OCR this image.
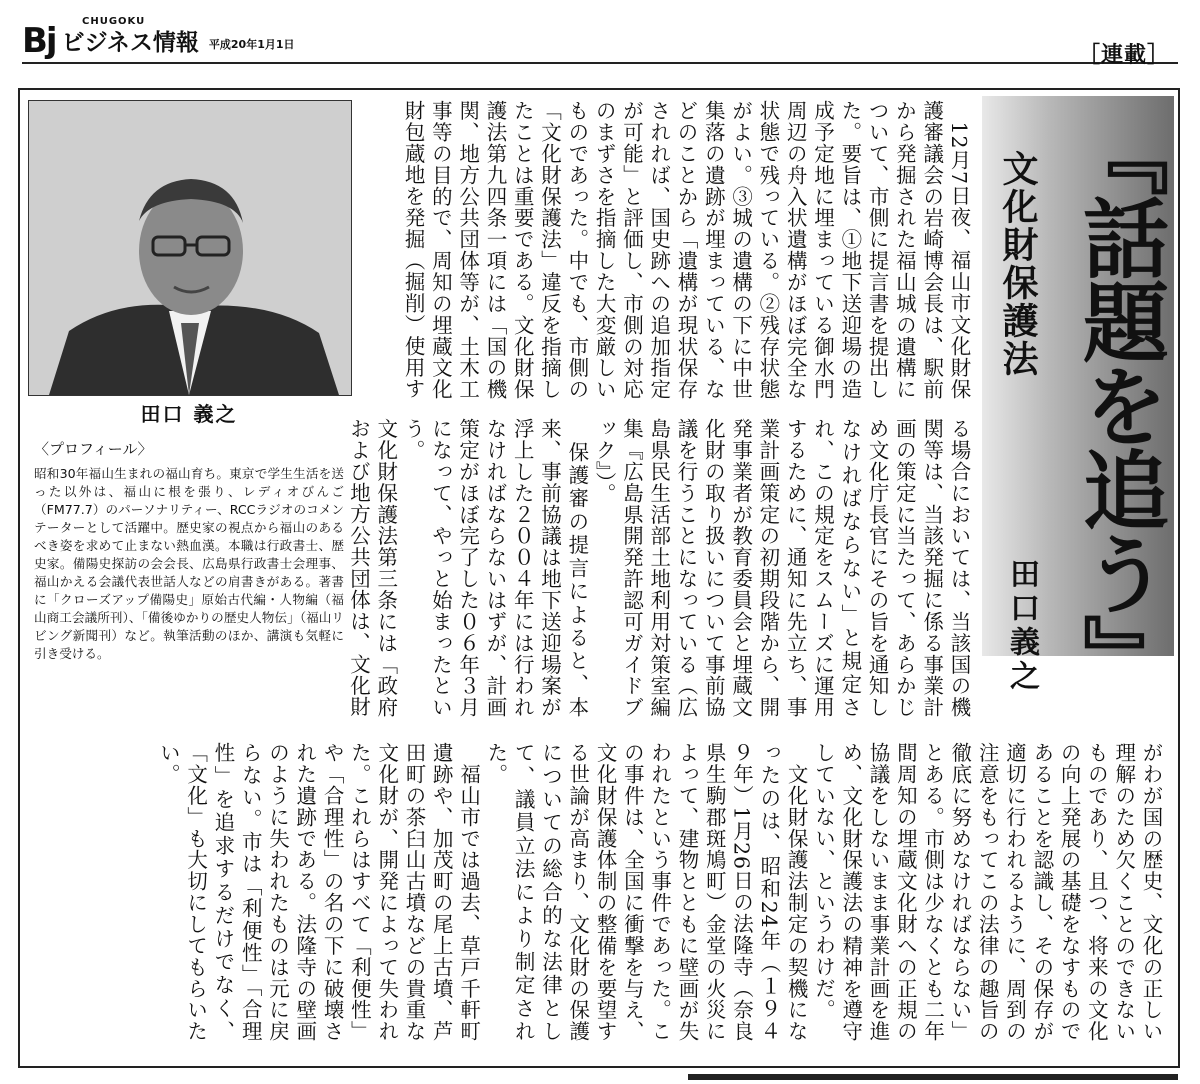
Bj	CHUGOKU
ビジネス情報 平成20年1月1日	［連載］
田口 義之
〈プロフィール〉
昭和30年福山生まれの福山育ち。東京で学生生活を送った以外は、福山に根を張り、レディオびんご（FM77.7）のパーソナリティー、RCCラジオのコメンテーターとして活躍中。歴史家の視点から福山のあるべき姿を求めて止まない熱血漢。本職は行政書士、歴史家。備陽史探訪の会会長、広島県行政書士会理事、福山かえる会議代表世話人などの肩書きがある。著書に「クローズアップ備陽史」原始古代編・人物編（福山商工会議所刊）、「備後ゆかりの歴史人物伝」（福山リビング新聞刊）など。執筆活動のほか、講演も気軽に引き受ける。	『話題を追う』
文化財保護法
田口義之
　12月7日夜、福山市文化財保護審議会の岩崎博会長は、駅前から発掘された福山城の遺構について、市側に提言書を提出した。要旨は、①地下送迎場の造成予定地に埋まっている御水門周辺の舟入状遺構がほぼ完全な状態で残っている。②残存状態がよい。③城の遺構の下に中世集落の遺跡が埋まっている、などのことから「遺構が現状保存されれば、国史跡への追加指定が可能」と評価し、市側の対応のまずさを指摘した大変厳しいものであった。中でも、市側の「文化財保護法」違反を指摘したことは重要である。文化財保護法第九四条一項には「国の機関、地方公共団体等が、土木工事等の目的で、周知の埋蔵文化財包蔵地を発掘（掘削）使用す
る場合においては、当該国の機関等は、当該発掘に係る事業計画の策定に当たって、あらかじめ文化庁長官にその旨を通知しなければならない」と規定され、この規定をスムーズに運用するために、通知に先立ち、事業計画策定の初期段階から、開発事業者が教育委員会と埋蔵文化財の取り扱いについて事前協議を行うことになっている（広島県民生活部土地利用対策室編集『広島県開発許認可ガイドブック』）。
　保護審の提言によると、本来、事前協議は地下送迎場案が浮上した２００４年には行われなければならないはずが、計画策定がほぼ完了した０６年３月になって、やっと始まったという。
文化財保護法第三条には「政府および地方公共団体は、文化財
がわが国の歴史、文化の正しい理解のため欠くことのできないものであり、且つ、将来の文化の向上発展の基礎をなすものであることを認識し、その保存が適切に行われるように、周到の注意をもってこの法律の趣旨の徹底に努めなければならない」とある。市側は少なくとも二年間周知の埋蔵文化財への正規の協議をしないまま事業計画を進め、文化財保護法の精神を遵守していない、というわけだ。
　文化財保護法制定の契機になったのは、昭和24年（１９４９年）1月26日の法隆寺（奈良県生駒郡斑鳩町）金堂の火災によって、建物とともに壁画が失われたという事件であった。この事件は、全国に衝撃を与え、文化財保護体制の整備を要望する世論が高まり、文化財の保護についての総合的な法律として、議員立法により制定された。
　福山市では過去、草戸千軒町遺跡や、加茂町の尾上古墳、芦田町の茶臼山古墳などの貴重な文化財が、開発によって失われた。これらはすべて「利便性」や「合理性」の名の下に破壊された遺跡である。法隆寺の壁画のように失われたものは元に戻らない。市は「利便性」「合理性」を追求するだけでなく、「文化」も大切にしてもらいたい。
